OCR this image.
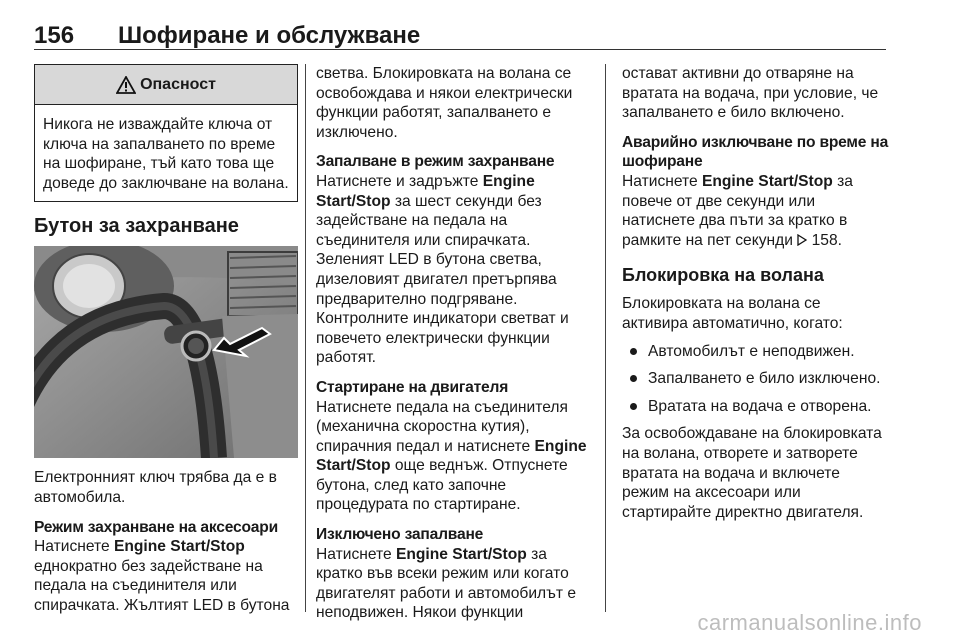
156 Шофиране и обслужване
Опасност
Никога не изваждайте ключа от ключа на запалването по време на шофиране, тъй като това ще доведе до заключване на волана.
Бутон за захранване

Електронният ключ трябва да е в автомобила.

Режим захранване на аксесоари

Натиснете Engine Start/Stop еднократно без задействане на педала на съединителя или спирачката. Жълтият LED в бутона

светва. Блокировката на волана се освобождава и някои електрически функции работят, запалването е изключено.

Запалване в режим захранване

Натиснете и задръжте Engine Start/Stop за шест секунди без задействане на педала на съединителя или спирачката. Зеленият LED в бутона светва, дизеловият двигател претърпява предварително подгряване. Контролните индикатори светват и повечето електрически функции работят.

Стартиране на двигателя

Натиснете педала на съединителя (механична скоростна кутия), спирачния педал и натиснете Engine Start/Stop още веднъж. Отпуснете бутона, след като започне процедурата по стартиране.

Изключено запалване

Натиснете Engine Start/Stop за кратко във всеки режим или когато двигателят работи и автомобилът е неподвижен. Някои функции

остават активни до отваряне на вратата на водача, при условие, че запалването е било включено.

Аварийно изключване по време на шофиране

Натиснете Engine Start/Stop за повече от две секунди или натиснете два пъти за кратко в рамките на пет секунди  158.

Блокировка на волана

Блокировката на волана се активира автоматично, когато:

Автомобилът е неподвижен.
Запалването е било изключено.
Вратата на водача е отворена.

За освобождаване на блокировката на волана, отворете и затворете вратата на водача и включете режим на аксесоари или стартирайте директно двигателя.

carmanualsonline.info
